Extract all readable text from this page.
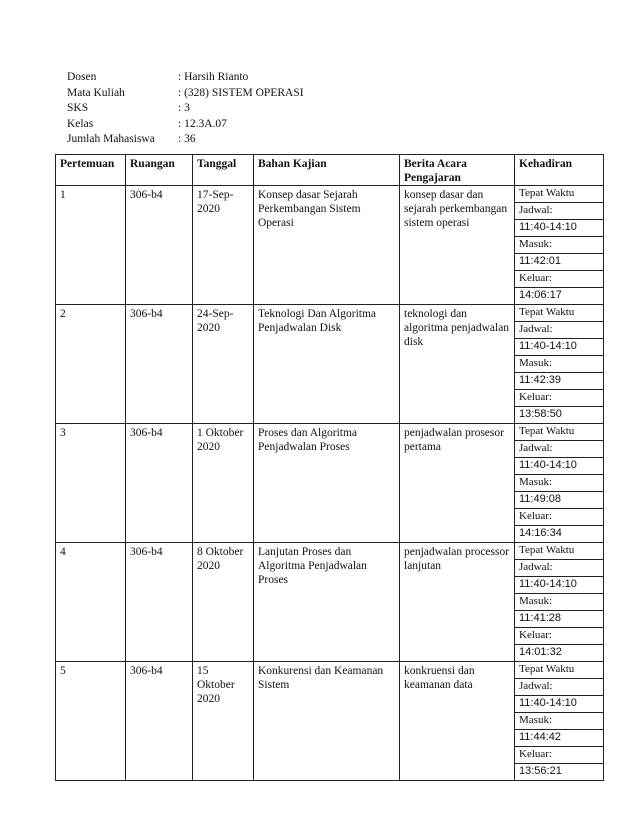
Dosen	: Harsih Rianto
Mata Kuliah	: (328) SISTEM OPERASI
SKS	: 3
Kelas	: 12.3A.07
Jumlah Mahasiswa	: 36
Pertemuan	Ruangan	Tanggal	Bahan Kajian	Berita Acara Pengajaran	Kehadiran
1	306-b4	17-Sep-2020	Konsep dasar Sejarah Perkembangan Sistem Operasi	konsep dasar dan sejarah perkembangan sistem operasi	Tepat Waktu
					Jadwal:
					11:40-14:10
					Masuk:
					11:42:01
					Keluar:
					14:06:17
2	306-b4	24-Sep-2020	Teknologi Dan Algoritma Penjadwalan Disk	teknologi dan algoritma penjadwalan disk	Tepat Waktu
					Jadwal:
					11:40-14:10
					Masuk:
					11:42:39
					Keluar:
					13:58:50
3	306-b4	1 Oktober 2020	Proses dan Algoritma Penjadwalan Proses	penjadwalan prosesor pertama	Tepat Waktu
					Jadwal:
					11:40-14:10
					Masuk:
					11:49:08
					Keluar:
					14:16:34
4	306-b4	8 Oktober 2020	Lanjutan Proses dan Algoritma Penjadwalan Proses	penjadwalan processor lanjutan	Tepat Waktu
					Jadwal:
					11:40-14:10
					Masuk:
					11:41:28
					Keluar:
					14:01:32
5	306-b4	15 Oktober 2020	Konkurensi dan Keamanan Sistem	konkruensi dan keamanan data	Tepat Waktu
					Jadwal:
					11:40-14:10
					Masuk:
					11:44:42
					Keluar:
					13:56:21
